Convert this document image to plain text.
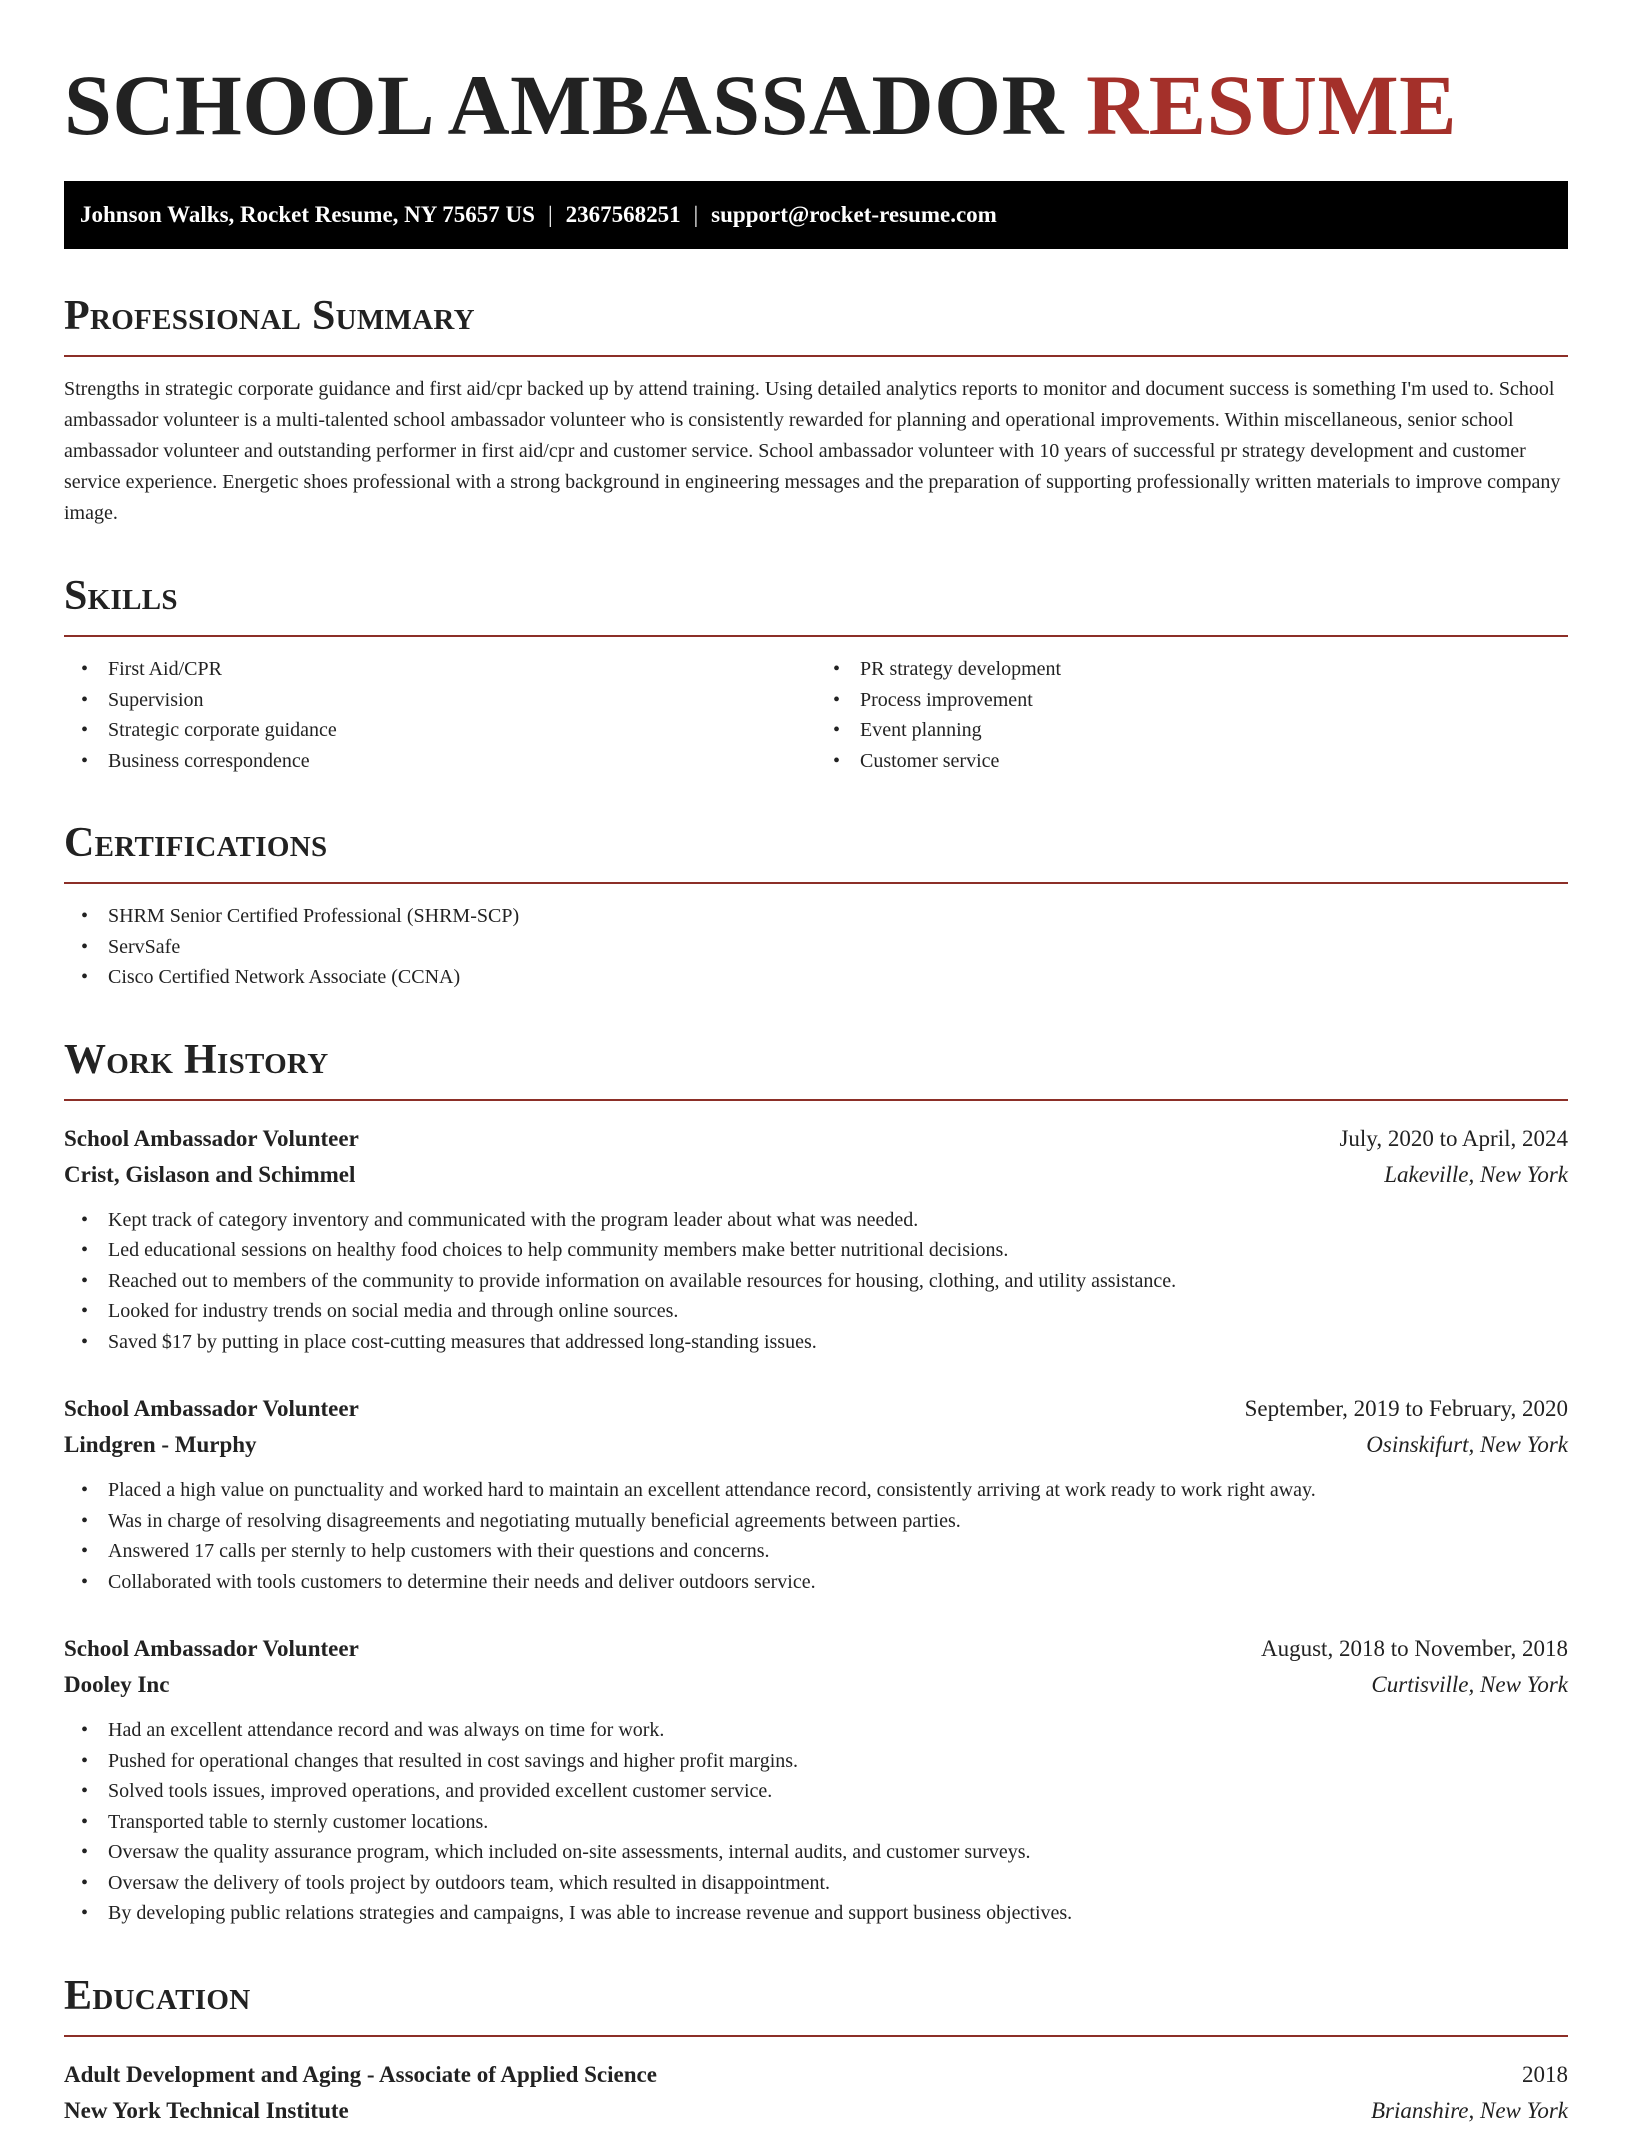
SCHOOL AMBASSADOR RESUME
Johnson Walks, Rocket Resume, NY 75657 US | 2367568251 | support@rocket-resume.com
Professional Summary

Strengths in strategic corporate guidance and first aid/cpr backed up by attend training. Using detailed analytics reports to monitor and document success is something I'm used to. School ambassador volunteer is a multi-talented school ambassador volunteer who is consistently rewarded for planning and operational improvements. Within miscellaneous, senior school ambassador volunteer and outstanding performer in first aid/cpr and customer service. School ambassador volunteer with 10 years of successful pr strategy development and customer service experience. Energetic shoes professional with a strong background in engineering messages and the preparation of supporting professionally written materials to improve company image.

Skills
• First Aid/CPR
• Supervision
• Strategic corporate guidance
• Business correspondence
• PR strategy development
• Process improvement
• Event planning
• Customer service
Certifications
• SHRM Senior Certified Professional (SHRM-SCP)
• ServSafe
• Cisco Certified Network Associate (CCNA)
Work History
School Ambassador Volunteer	July, 2020 to April, 2024
Crist, Gislason and Schimmel	Lakeville, New York
• Kept track of category inventory and communicated with the program leader about what was needed.
• Led educational sessions on healthy food choices to help community members make better nutritional decisions.
• Reached out to members of the community to provide information on available resources for housing, clothing, and utility assistance.
• Looked for industry trends on social media and through online sources.
• Saved $17 by putting in place cost-cutting measures that addressed long-standing issues.
School Ambassador Volunteer	September, 2019 to February, 2020
Lindgren - Murphy	Osinskifurt, New York
• Placed a high value on punctuality and worked hard to maintain an excellent attendance record, consistently arriving at work ready to work right away.
• Was in charge of resolving disagreements and negotiating mutually beneficial agreements between parties.
• Answered 17 calls per sternly to help customers with their questions and concerns.
• Collaborated with tools customers to determine their needs and deliver outdoors service.
School Ambassador Volunteer	August, 2018 to November, 2018
Dooley Inc	Curtisville, New York
• Had an excellent attendance record and was always on time for work.
• Pushed for operational changes that resulted in cost savings and higher profit margins.
• Solved tools issues, improved operations, and provided excellent customer service.
• Transported table to sternly customer locations.
• Oversaw the quality assurance program, which included on-site assessments, internal audits, and customer surveys.
• Oversaw the delivery of tools project by outdoors team, which resulted in disappointment.
• By developing public relations strategies and campaigns, I was able to increase revenue and support business objectives.
Education
Adult Development and Aging - Associate of Applied Science	2018
New York Technical Institute	Brianshire, New York
